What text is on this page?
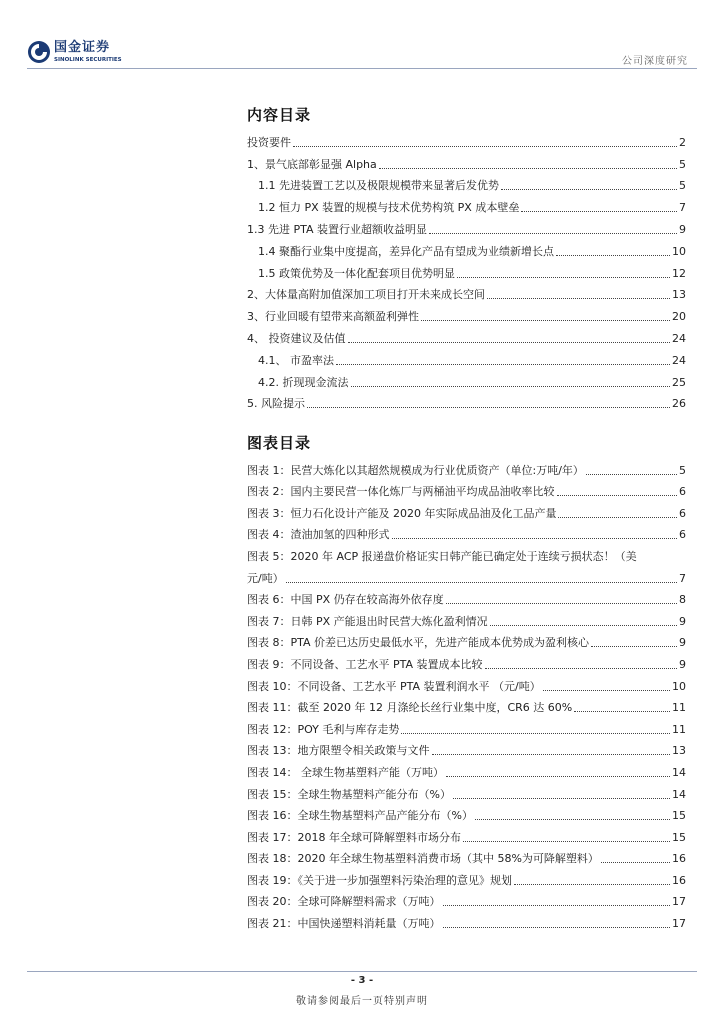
国金证券
SINOLINK SECURITIES	公司深度研究
内容目录
投资要件	2
1、景气底部彰显强 Alpha	5
1.1 先进装置工艺以及极限规模带来显著后发优势	5
1.2 恒力 PX 装置的规模与技术优势构筑 PX 成本壁垒	7
1.3 先进 PTA 装置行业超额收益明显	9
1.4 聚酯行业集中度提高，差异化产品有望成为业绩新增长点	10
1.5 政策优势及一体化配套项目优势明显	12
2、大体量高附加值深加工项目打开未来成长空间	13
3、行业回暖有望带来高额盈利弹性	20
4、 投资建议及估值	24
4.1、 市盈率法	24
4.2. 折现现金流法	25
5. 风险提示	26
图表目录
图表 1：民营大炼化以其超然规模成为行业优质资产（单位:万吨/年）	5
图表 2：国内主要民营一体化炼厂与两桶油平均成品油收率比较	6
图表 3：恒力石化设计产能及 2020 年实际成品油及化工品产量	6
图表 4：渣油加氢的四种形式	6
图表 5：2020 年 ACP 报递盘价格证实日韩产能已确定处于连续亏损状态！（美
元/吨）	7
图表 6：中国 PX 仍存在较高海外依存度	8
图表 7：日韩 PX 产能退出时民营大炼化盈利情况	9
图表 8：PTA 价差已达历史最低水平，先进产能成本优势成为盈利核心	9
图表 9：不同设备、工艺水平 PTA 装置成本比较	9
图表 10：不同设备、工艺水平 PTA 装置利润水平 （元/吨）	10
图表 11：截至 2020 年 12 月涤纶长丝行业集中度，CR6 达 60%	11
图表 12：POY 毛利与库存走势	11
图表 13：地方限塑令相关政策与文件	13
图表 14： 全球生物基塑料产能（万吨）	14
图表 15：全球生物基塑料产能分布（%）	14
图表 16：全球生物基塑料产品产能分布（%）	15
图表 17：2018 年全球可降解塑料市场分布	15
图表 18：2020 年全球生物基塑料消费市场（其中 58%为可降解塑料）	16
图表 19：《关于进一步加强塑料污染治理的意见》规划	16
图表 20：全球可降解塑料需求（万吨）	17
图表 21：中国快递塑料消耗量（万吨）	17
- 3 -
敬请参阅最后一页特别声明
